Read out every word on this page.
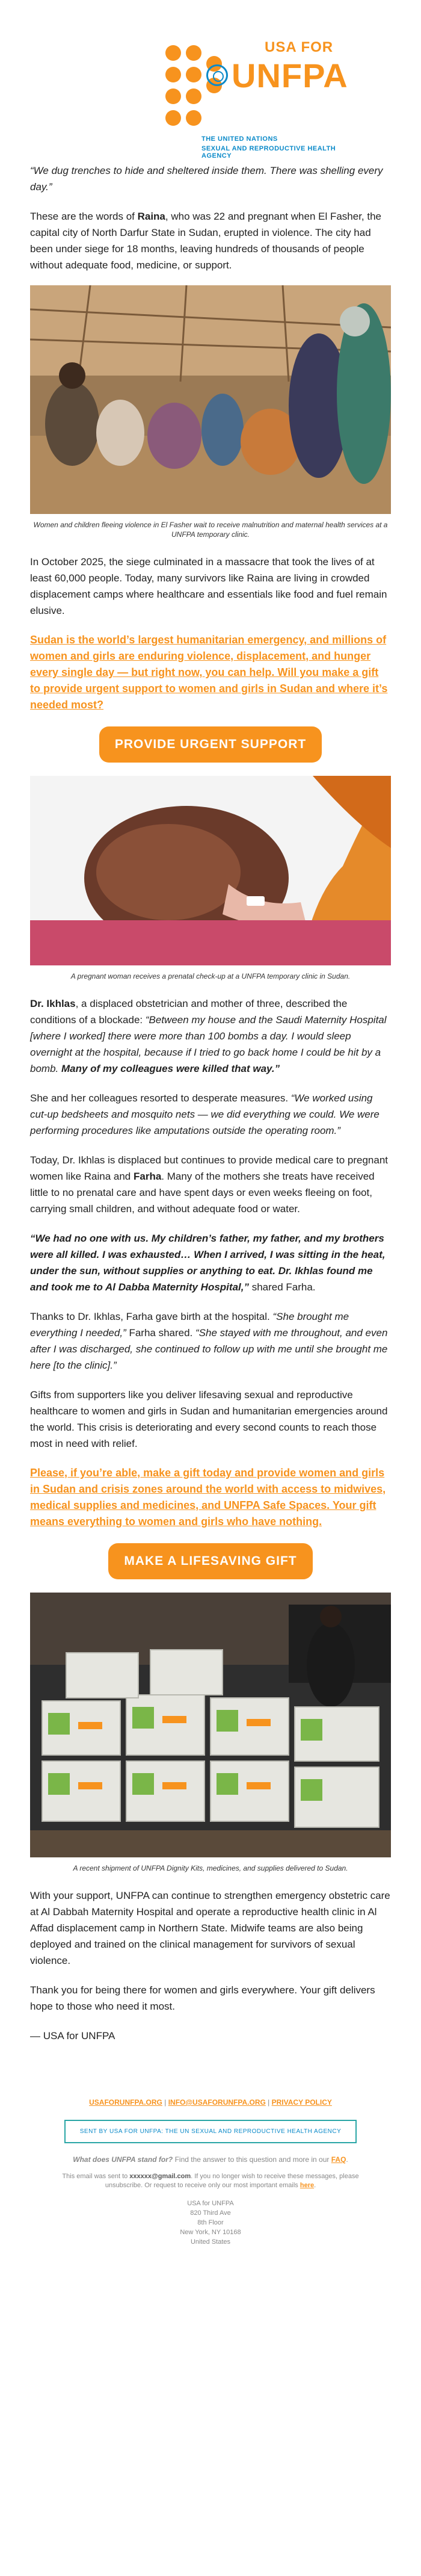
USA FOR
UNFPA
THE UNITED NATIONS
SEXUAL AND REPRODUCTIVE HEALTH AGENCY

“We dug trenches to hide and sheltered inside them. There was shelling every day.”

These are the words of Raina, who was 22 and pregnant when El Fasher, the capital city of North Darfur State in Sudan, erupted in violence. The city had been under siege for 18 months, leaving hundreds of thousands of people without adequate food, medicine, or support.

Women and children fleeing violence in El Fasher wait to receive malnutrition and maternal health services at a UNFPA temporary clinic.

In October 2025, the siege culminated in a massacre that took the lives of at least 60,000 people. Today, many survivors like Raina are living in crowded displacement camps where healthcare and essentials like food and fuel remain elusive.

Sudan is the world’s largest humanitarian emergency, and millions of women and girls are enduring violence, displacement, and hunger every single day — but right now, you can help. Will you make a gift to provide urgent support to women and girls in Sudan and where it’s needed most?
PROVIDE URGENT SUPPORT
A pregnant woman receives a prenatal check-up at a UNFPA temporary clinic in Sudan.

Dr. Ikhlas, a displaced obstetrician and mother of three, described the conditions of a blockade: “Between my house and the Saudi Maternity Hospital [where I worked] there were more than 100 bombs a day. I would sleep overnight at the hospital, because if I tried to go back home I could be hit by a bomb. Many of my colleagues were killed that way.”

She and her colleagues resorted to desperate measures. “We worked using cut-up bedsheets and mosquito nets — we did everything we could. We were performing procedures like amputations outside the operating room.”

Today, Dr. Ikhlas is displaced but continues to provide medical care to pregnant women like Raina and Farha. Many of the mothers she treats have received little to no prenatal care and have spent days or even weeks fleeing on foot, carrying small children, and without adequate food or water.

“We had no one with us. My children’s father, my father, and my brothers were all killed. I was exhausted… When I arrived, I was sitting in the heat, under the sun, without supplies or anything to eat. Dr. Ikhlas found me and took me to Al Dabba Maternity Hospital,” shared Farha.

Thanks to Dr. Ikhlas, Farha gave birth at the hospital. “She brought me everything I needed,” Farha shared. “She stayed with me throughout, and even after I was discharged, she continued to follow up with me until she brought me here [to the clinic].”

Gifts from supporters like you deliver lifesaving sexual and reproductive healthcare to women and girls in Sudan and humanitarian emergencies around the world. This crisis is deteriorating and every second counts to reach those most in need with relief.

Please, if you’re able, make a gift today and provide women and girls in Sudan and crisis zones around the world with access to midwives, medical supplies and medicines, and UNFPA Safe Spaces. Your gift means everything to women and girls who have nothing.
MAKE A LIFESAVING GIFT
A recent shipment of UNFPA Dignity Kits, medicines, and supplies delivered to Sudan.

With your support, UNFPA can continue to strengthen emergency obstetric care at Al Dabbah Maternity Hospital and operate a reproductive health clinic in Al Affad displacement camp in Northern State. Midwife teams are also being deployed and trained on the clinical management for survivors of sexual violence.

Thank you for being there for women and girls everywhere. Your gift delivers hope to those who need it most.

— USA for UNFPA

USAFORUNFPA.ORG | INFO@USAFORUNFPA.ORG | PRIVACY POLICY
SENT BY USA FOR UNFPA: THE UN SEXUAL AND REPRODUCTIVE HEALTH AGENCY
What does UNFPA stand for? Find the answer to this question and more in our FAQ.
This email was sent to xxxxxx@gmail.com. If you no longer wish to receive these messages, please unsubscribe. Or request to receive only our most important emails here.
USA for UNFPA
820 Third Ave
8th Floor
New York, NY 10168
United States
